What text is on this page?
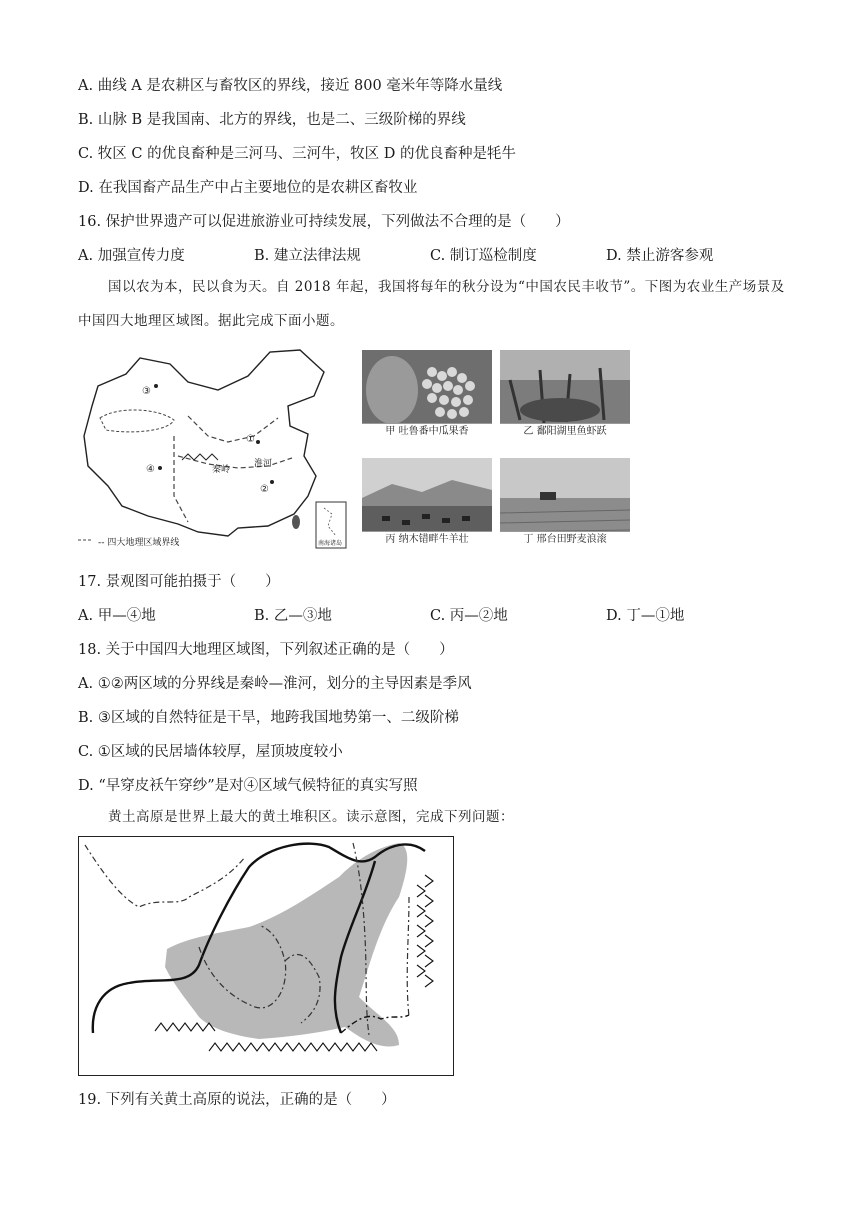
A. 曲线 A 是农耕区与畜牧区的界线，接近 800 毫米年等降水量线
B. 山脉 B 是我国南、北方的界线，也是二、三级阶梯的界线
C. 牧区 C 的优良畜种是三河马、三河牛，牧区 D 的优良畜种是牦牛
D. 在我国畜产品生产中占主要地位的是农耕区畜牧业
16. 保护世界遗产可以促进旅游业可持续发展，下列做法不合理的是（　　）
A. 加强宣传力度	B. 建立法律法规	C. 制订巡检制度	D. 禁止游客参观
国以农为本，民以食为天。自 2018 年起，我国将每年的秋分设为“中国农民丰收节”。下图为农业生产场景及中国四大地理区域图。据此完成下面小题。
①
②
③
④	秦岭
淮河
-- 四大地理区域界线	南海诸岛
甲 吐鲁番中瓜果香	乙 鄱阳湖里鱼虾跃
丙 纳木错畔牛羊壮	丁 邢台田野麦浪滚
17. 景观图可能拍摄于（　　）
A. 甲—④地	B. 乙—③地	C. 丙—②地	D. 丁—①地
18. 关于中国四大地理区域图，下列叙述正确的是（　　）
A. ①②两区域的分界线是秦岭—淮河，划分的主导因素是季风
B. ③区域的自然特征是干旱，地跨我国地势第一、二级阶梯
C. ①区域的民居墙体较厚，屋顶坡度较小
D. “早穿皮袄午穿纱”是对④区域气候特征的真实写照
黄土高原是世界上最大的黄土堆积区。读示意图，完成下列问题：
19. 下列有关黄土高原的说法，正确的是（　　）
